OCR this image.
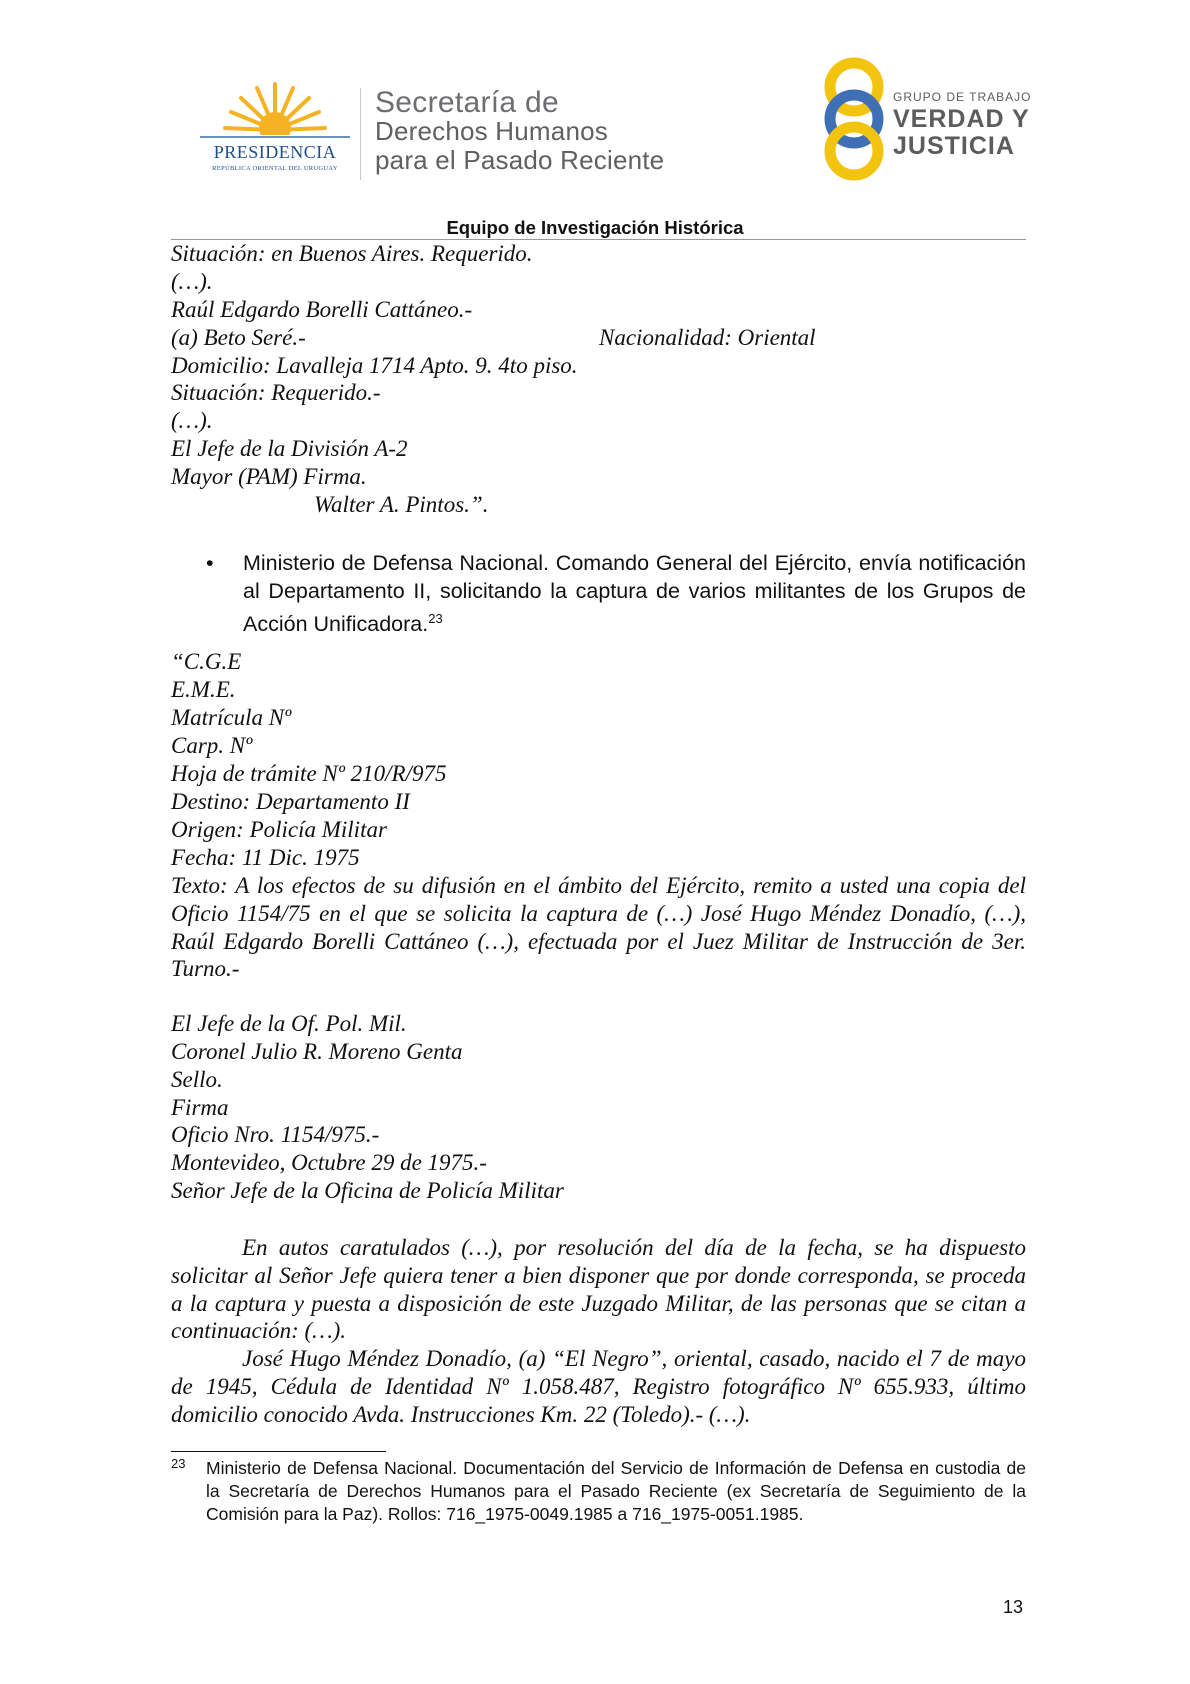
PRESIDENCIA
REPÚBLICA ORIENTAL DEL URUGUAY
Secretaría de
Derechos Humanos
para el Pasado Reciente
GRUPO DE TRABAJO
VERDAD Y
JUSTICIA
Equipo de Investigación Histórica
Situación: en Buenos Aires. Requerido.
(…).
Raúl Edgardo Borelli Cattáneo.-
(a) Beto Seré.-	Nacionalidad: Oriental
Domicilio: Lavalleja 1714 Apto. 9. 4to piso.
Situación: Requerido.-
(…).
El Jefe de la División A-2
Mayor (PAM) Firma.
Walter A. Pintos.”.
• Ministerio de Defensa Nacional. Comando General del Ejército, envía notificación al Departamento II, solicitando la captura de varios militantes de los Grupos de Acción Unificadora.$^{23}$
“C.G.E
E.M.E.
Matrícula Nº
Carp. Nº
Hoja de trámite Nº 210/R/975
Destino: Departamento II
Origen: Policía Militar
Fecha: 11 Dic. 1975
Texto: A los efectos de su difusión en el ámbito del Ejército, remito a usted una copia del Oficio 1154/75 en el que se solicita la captura de (…) José Hugo Méndez Donadío, (…), Raúl Edgardo Borelli Cattáneo (…), efectuada por el Juez Militar de Instrucción de 3er. Turno.-
El Jefe de la Of. Pol. Mil.
Coronel Julio R. Moreno Genta
Sello.
Firma
Oficio Nro. 1154/975.-
Montevideo, Octubre 29 de 1975.-
Señor Jefe de la Oficina de Policía Militar
En autos caratulados (…), por resolución del día de la fecha, se ha dispuesto solicitar al Señor Jefe quiera tener a bien disponer que por donde corresponda, se proceda a la captura y puesta a disposición de este Juzgado Militar, de las personas que se citan a continuación: (…).
José Hugo Méndez Donadío, (a) “El Negro”, oriental, casado, nacido el 7 de mayo de 1945, Cédula de Identidad Nº 1.058.487, Registro fotográfico Nº 655.933, último domicilio conocido Avda. Instrucciones Km. 22 (Toledo).- (…).
23 Ministerio de Defensa Nacional. Documentación del Servicio de Información de Defensa en custodia de la Secretaría de Derechos Humanos para el Pasado Reciente (ex Secretaría de Seguimiento de la Comisión para la Paz). Rollos: 716_1975-0049.1985 a 716_1975-0051.1985.
13
